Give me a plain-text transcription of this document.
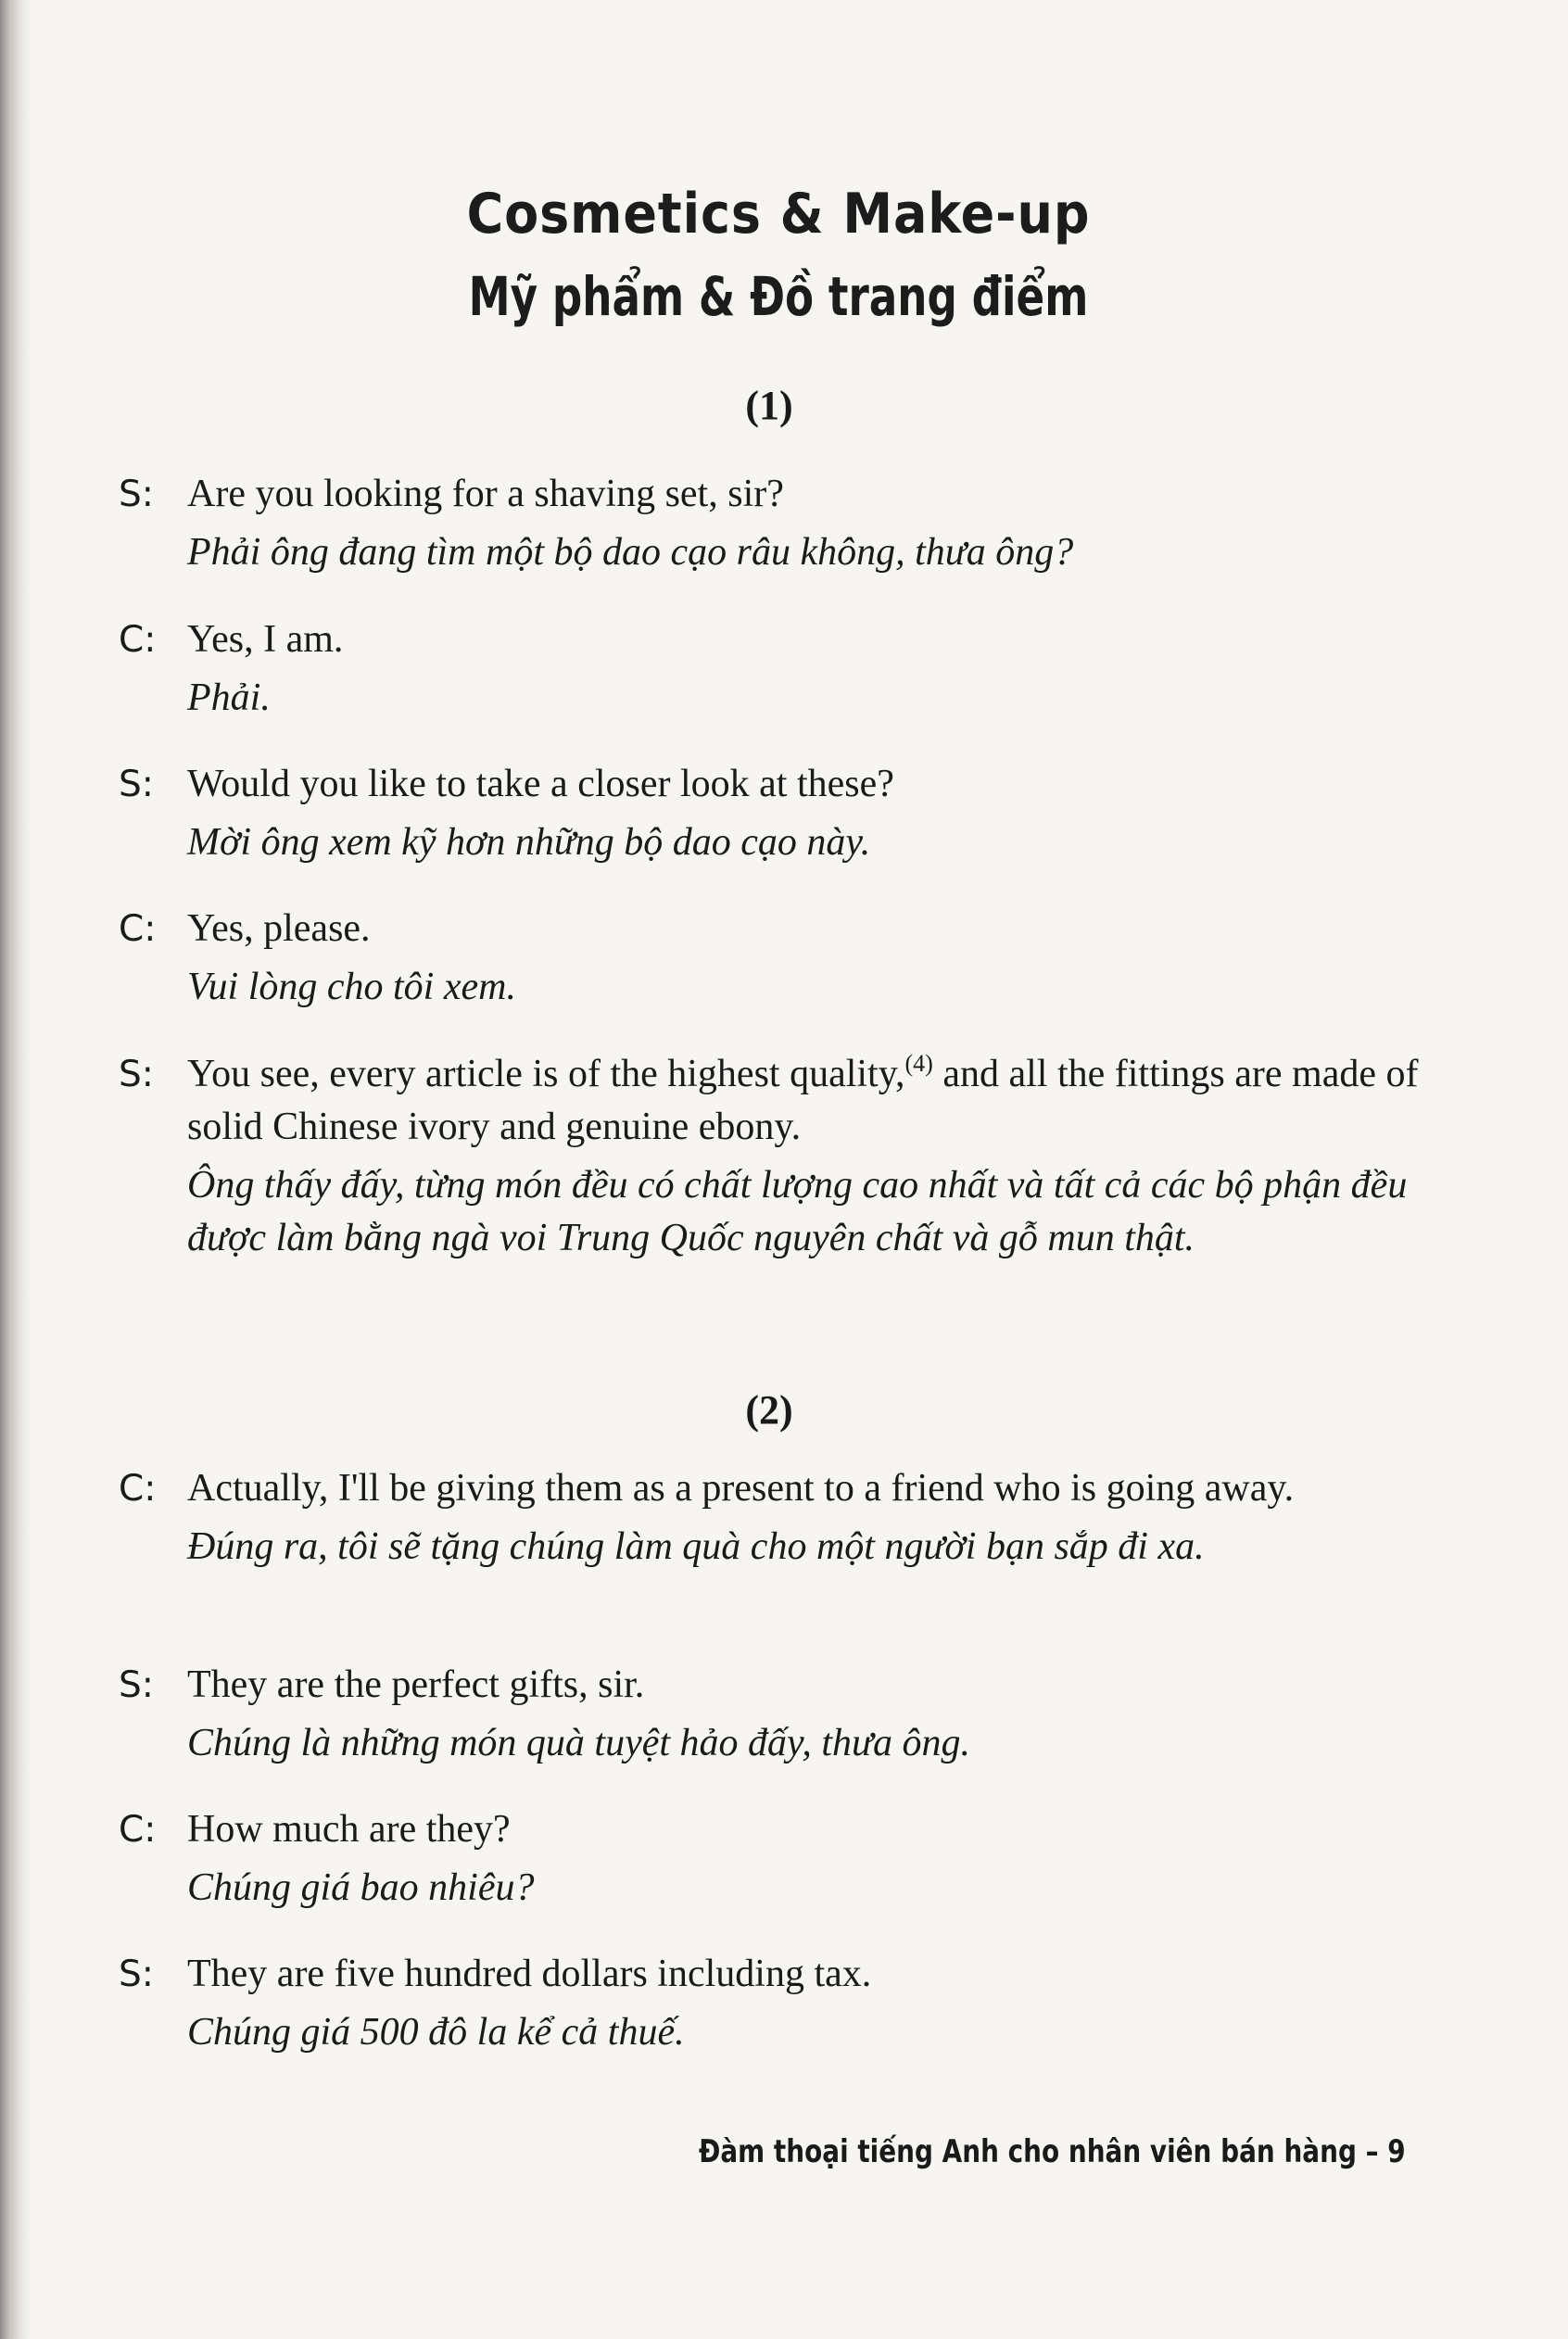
Cosmetics & Make-up
Mỹ phẩm & Đồ trang điểm
(1)
S: Are you looking for a shaving set, sir?
Phải ông đang tìm một bộ dao cạo râu không, thưa ông?
C: Yes, I am.
Phải.
S: Would you like to take a closer look at these?
Mời ông xem kỹ hơn những bộ dao cạo này.
C: Yes, please.
Vui lòng cho tôi xem.
S: You see, every article is of the highest quality,$^{(4)}$ and all the fittings are made of solid Chinese ivory and genuine ebony.
Ông thấy đấy, từng món đều có chất lượng cao nhất và tất cả các bộ phận đều được làm bằng ngà voi Trung Quốc nguyên chất và gỗ mun thật.
(2)
C: Actually, I'll be giving them as a present to a friend who is going away.
Đúng ra, tôi sẽ tặng chúng làm quà cho một người bạn sắp đi xa.
S: They are the perfect gifts, sir.
Chúng là những món quà tuyệt hảo đấy, thưa ông.
C: How much are they?
Chúng giá bao nhiêu?
S: They are five hundred dollars including tax.
Chúng giá 500 đô la kể cả thuế.
Đàm thoại tiếng Anh cho nhân viên bán hàng – 9
